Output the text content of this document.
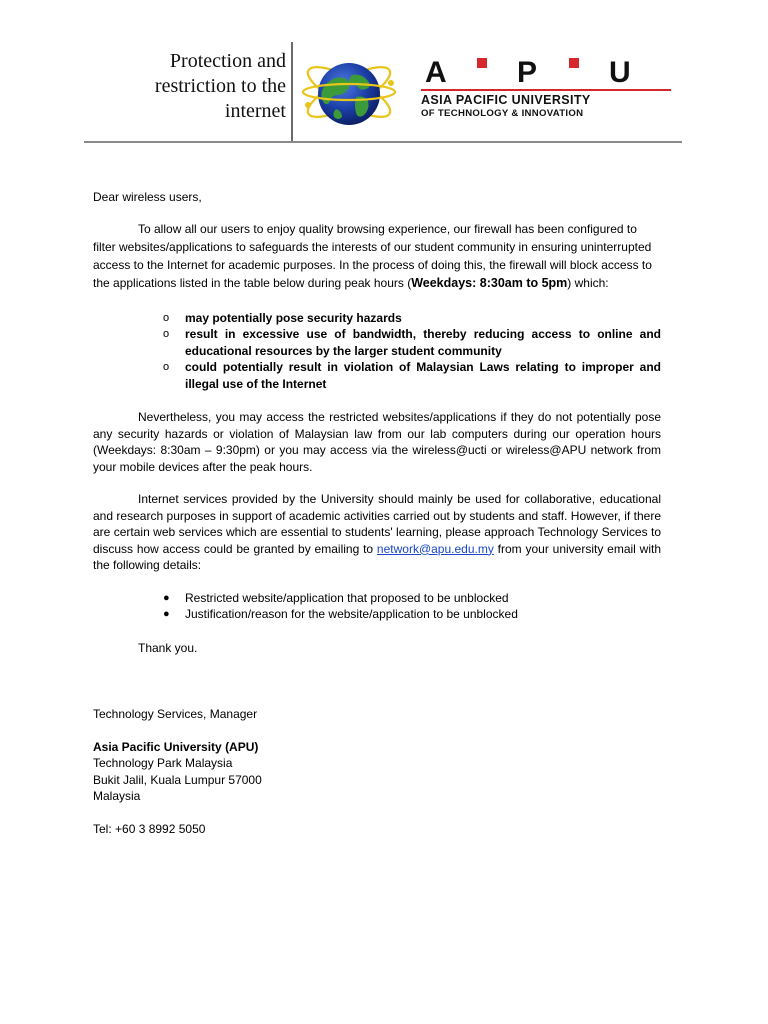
Protection and
restriction to the
internet
A P U
ASIA PACIFIC UNIVERSITY
OF TECHNOLOGY & INNOVATION

Dear wireless users,

To allow all our users to enjoy quality browsing experience, our firewall has been configured to filter websites/applications to safeguards the interests of our student community in ensuring uninterrupted access to the Internet for academic purposes. In the process of doing this, the firewall will block access to the applications listed in the table below during peak hours (Weekdays: 8:30am to 5pm) which:

o may potentially pose security hazards
o result in excessive use of bandwidth, thereby reducing access to online and educational resources by the larger student community
o could potentially result in violation of Malaysian Laws relating to improper and illegal use of the Internet

Nevertheless, you may access the restricted websites/applications if they do not potentially pose any security hazards or violation of Malaysian law from our lab computers during our operation hours (Weekdays: 8:30am – 9:30pm) or you may access via the wireless@ucti or wireless@APU network from your mobile devices after the peak hours.

Internet services provided by the University should mainly be used for collaborative, educational and research purposes in support of academic activities carried out by students and staff. However, if there are certain web services which are essential to students' learning, please approach Technology Services to discuss how access could be granted by emailing to network@apu.edu.my from your university email with the following details:

● Restricted website/application that proposed to be unblocked
● Justification/reason for the website/application to be unblocked

Thank you.

Technology Services, Manager

Asia Pacific University (APU)

Technology Park Malaysia

Bukit Jalil, Kuala Lumpur 57000

Malaysia

Tel: +60 3 8992 5050
